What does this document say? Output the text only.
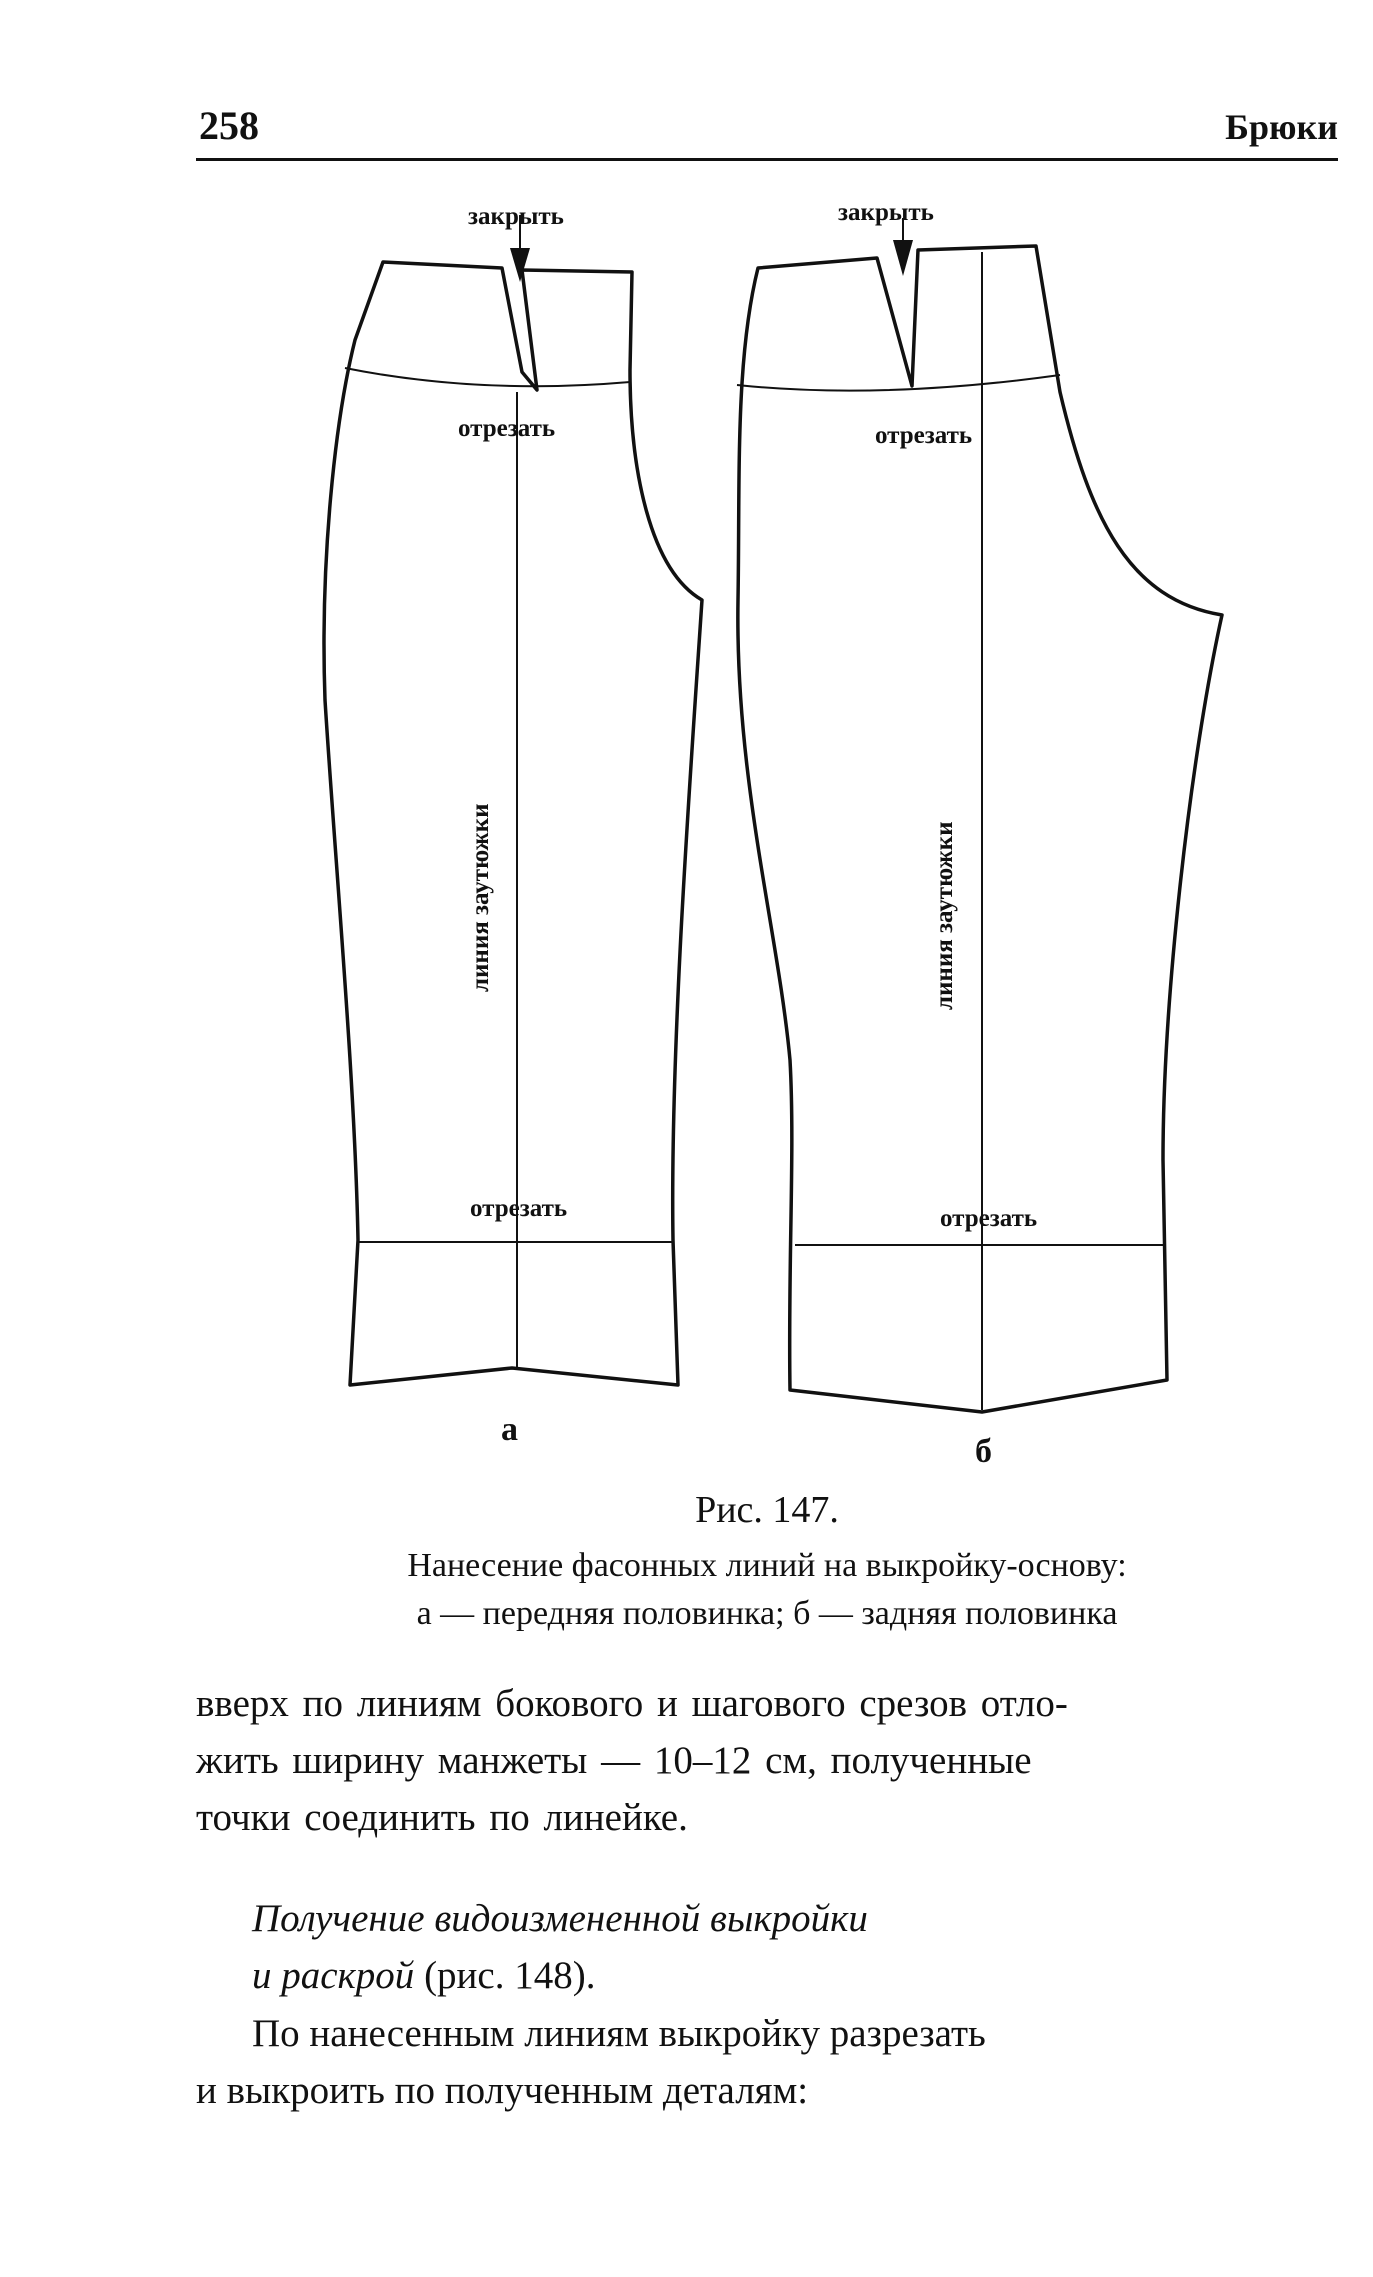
258	Брюки
закрыть
отрезать
линия заутюжки
отрезать
а
закрыть
отрезать
линия заутюжки
отрезать
б
Рис. 147.
Нанесение фасонных линий на выкройку-основу:
а — передняя половинка; б — задняя половинка
вверх по линиям бокового и шагового срезов отло-
жить ширину манжеты — 10–12 см, полученные
точки соединить по линейке.
Получение видоизмененной выкройки
и раскрой (рис. 148).
По нанесенным линиям выкройку разрезать
и выкроить по полученным деталям:
